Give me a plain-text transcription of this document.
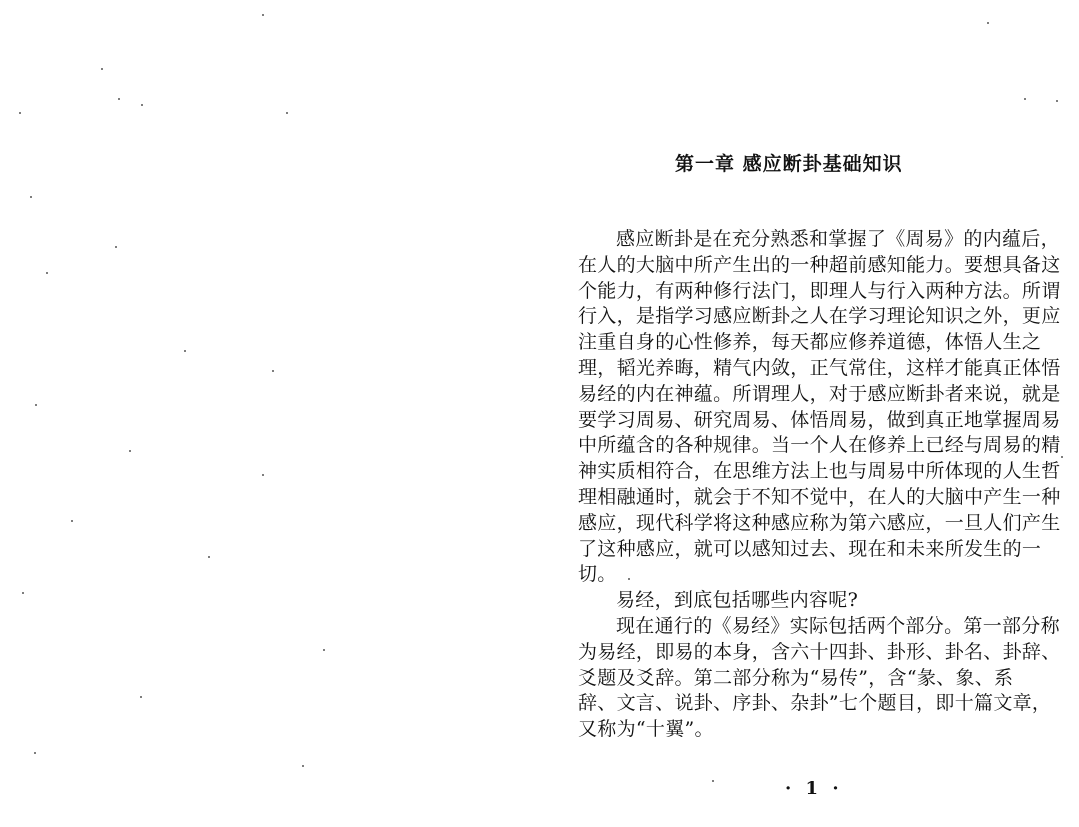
第一章 感应断卦基础知识
感应断卦是在充分熟悉和掌握了《周易》的内蕴后，
在人的大脑中所产生出的一种超前感知能力。要想具备这
个能力，有两种修行法门，即理人与行入两种方法。所谓
行入，是指学习感应断卦之人在学习理论知识之外，更应
注重自身的心性修养，每天都应修养道德，体悟人生之
理，韬光养晦，精气内敛，正气常住，这样才能真正体悟
易经的内在神蕴。所谓理人，对于感应断卦者来说，就是
要学习周易、研究周易、体悟周易，做到真正地掌握周易
中所蕴含的各种规律。当一个人在修养上已经与周易的精
神实质相符合，在思维方法上也与周易中所体现的人生哲
理相融通时，就会于不知不觉中，在人的大脑中产生一种
感应，现代科学将这种感应称为第六感应，一旦人们产生
了这种感应，就可以感知过去、现在和未来所发生的一
切。
易经，到底包括哪些内容呢?
现在通行的《易经》实际包括两个部分。第一部分称
为易经，即易的本身，含六十四卦、卦形、卦名、卦辞、
爻题及爻辞。第二部分称为“易传”，含“彖、象、系
辞、文言、说卦、序卦、杂卦”七个题目，即十篇文章，
又称为“十翼”。
· 1 ·
